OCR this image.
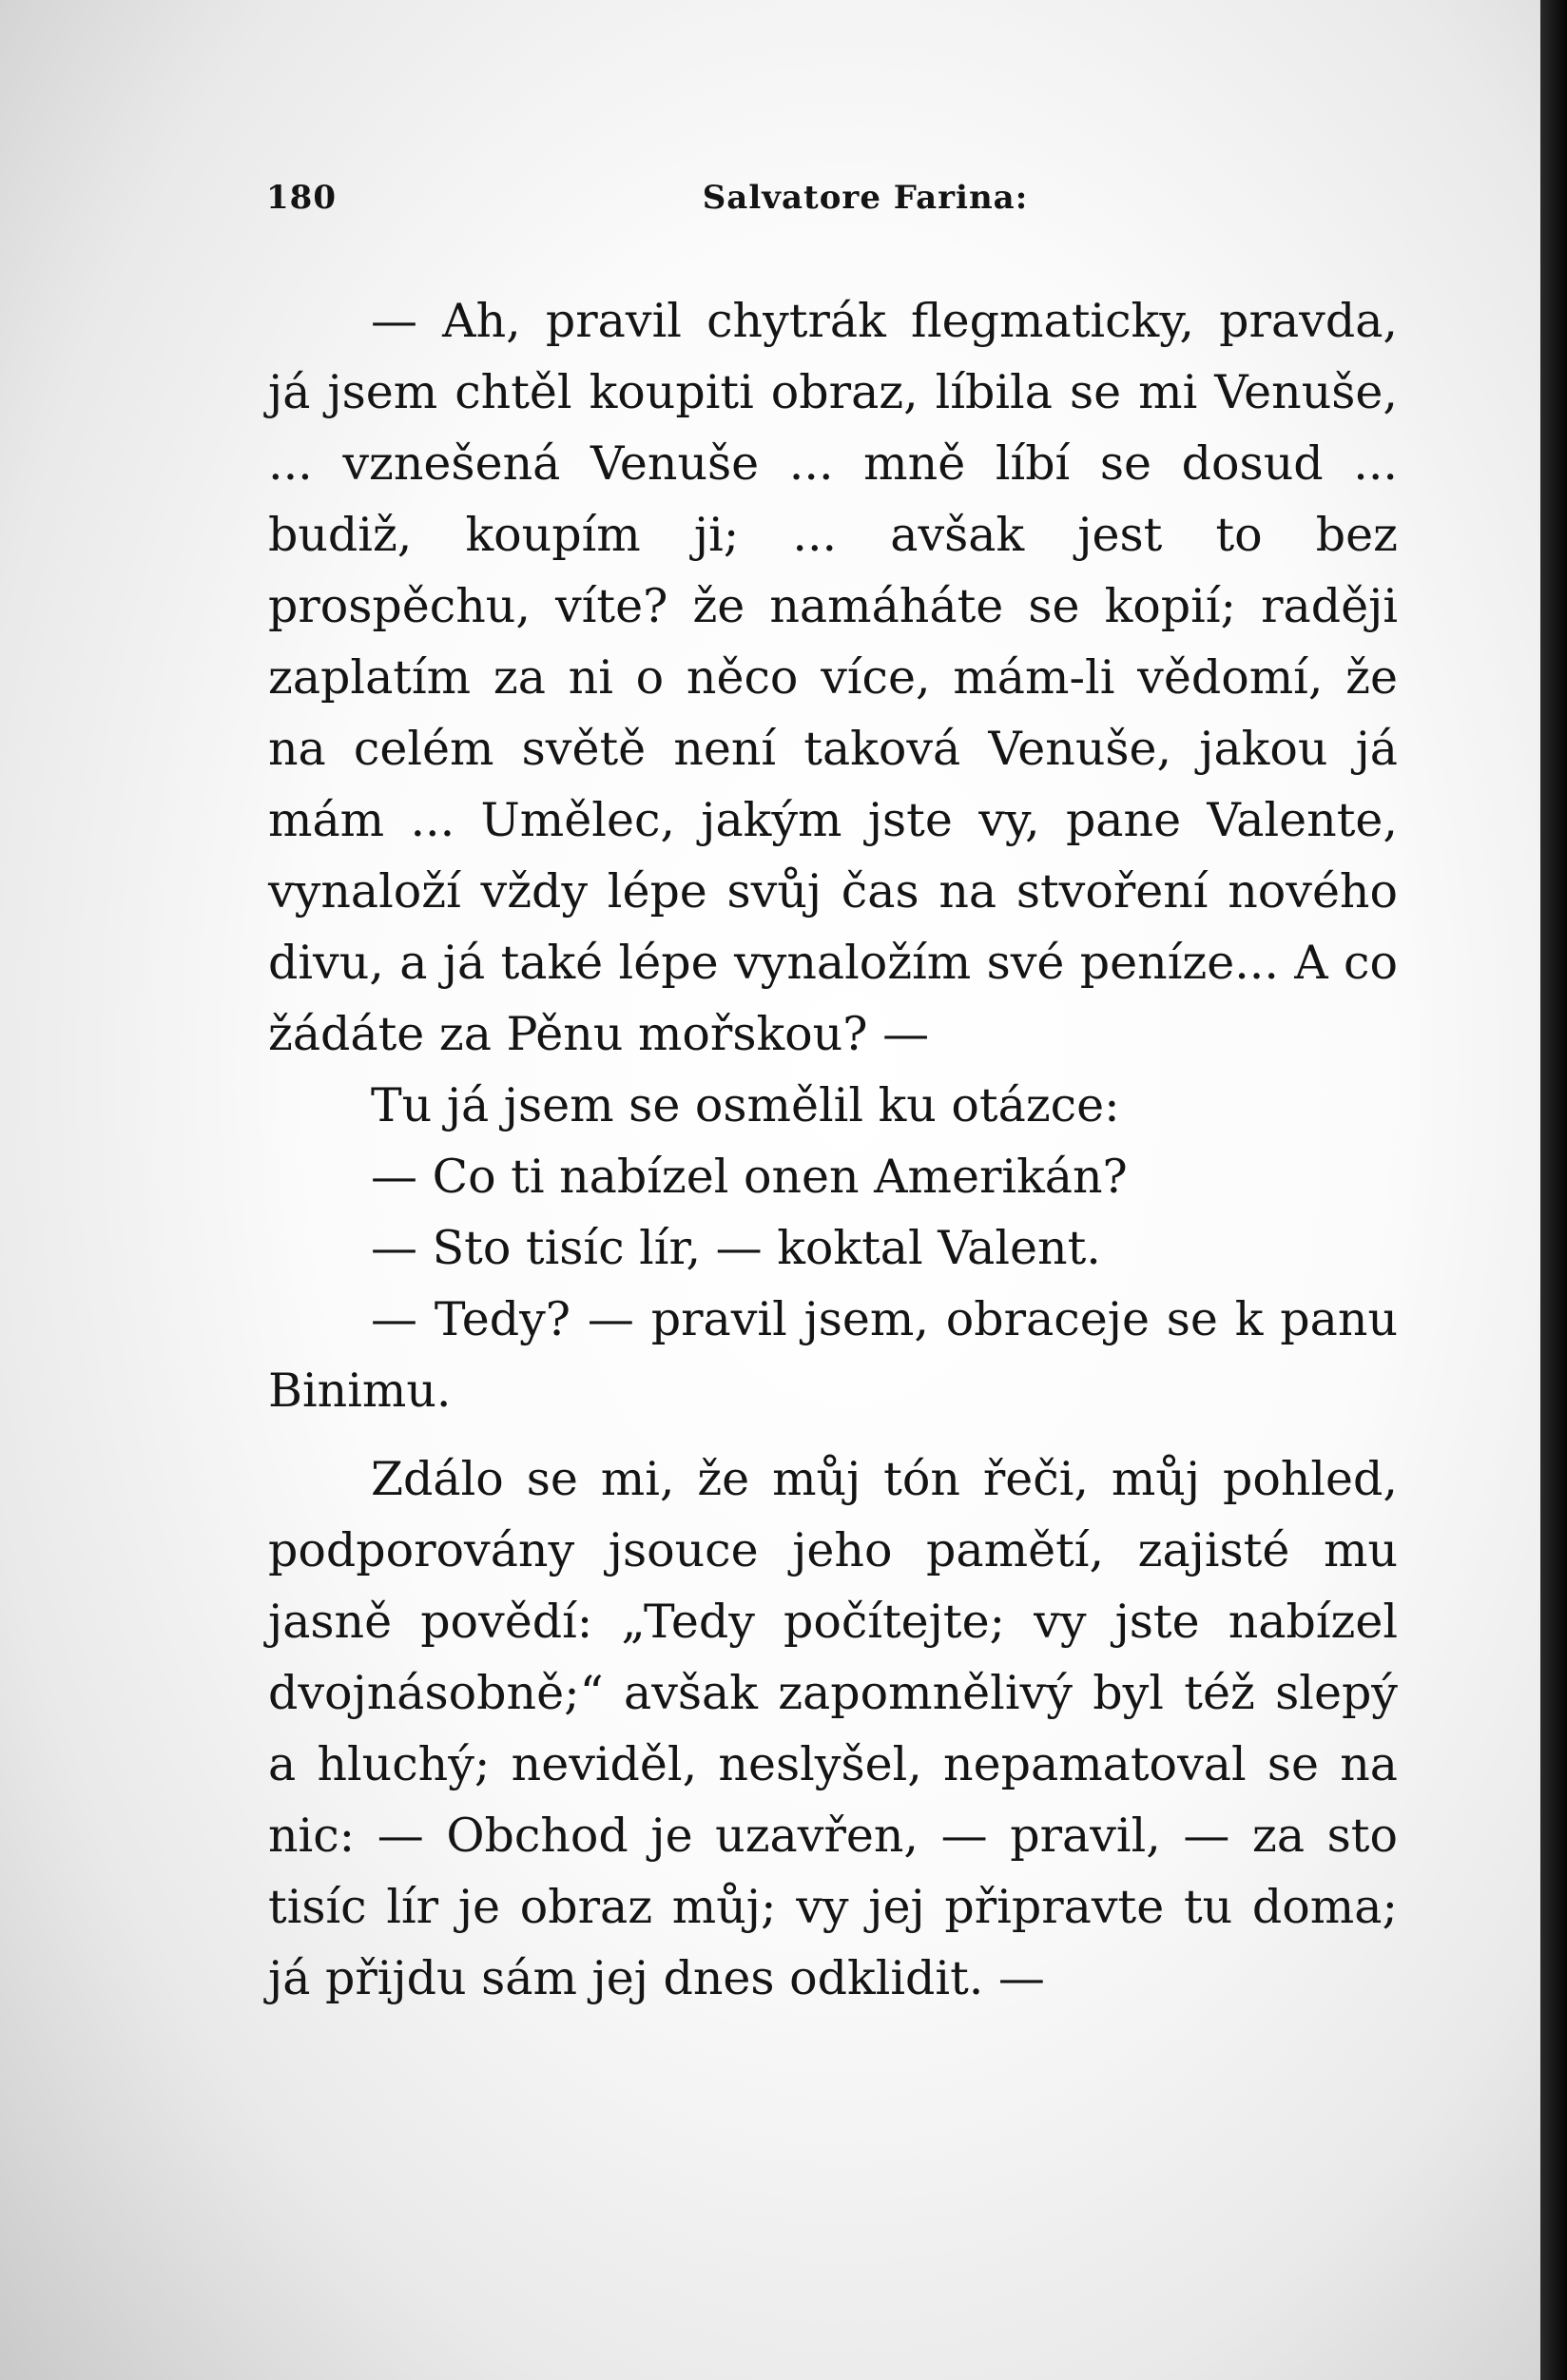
180	Salvatore Farina:

— Ah, pravil chytrák flegmaticky, pravda, já jsem chtěl koupiti obraz, líbila se mi Venuše, ... vznešená Venuše ... mně líbí se dosud ... budiž, koupím ji; ... avšak jest to bez prospěchu, víte? že namáháte se kopií; raději zaplatím za ni o něco více, mám-li vědomí, že na celém světě není taková Venuše, jakou já mám ... Umělec, jakým jste vy, pane Valente, vynaloží vždy lépe svůj čas na stvoření nového divu, a já také lépe vynaložím své peníze... A co žádáte za Pěnu mořskou? —

Tu já jsem se osmělil ku otázce:

— Co ti nabízel onen Amerikán?

— Sto tisíc lír, — koktal Valent.

— Tedy? — pravil jsem, obraceje se k panu Binimu.

Zdálo se mi, že můj tón řeči, můj pohled, podporovány jsouce jeho pamětí, zajisté mu jasně povědí: „Tedy počítejte; vy jste nabízel dvojnásobně;“ avšak zapomnělivý byl též slepý a hluchý; neviděl, neslyšel, nepamatoval se na nic: — Obchod je uzavřen, — pravil, — za sto tisíc lír je obraz můj; vy jej připravte tu doma; já přijdu sám jej dnes odklidit. —
